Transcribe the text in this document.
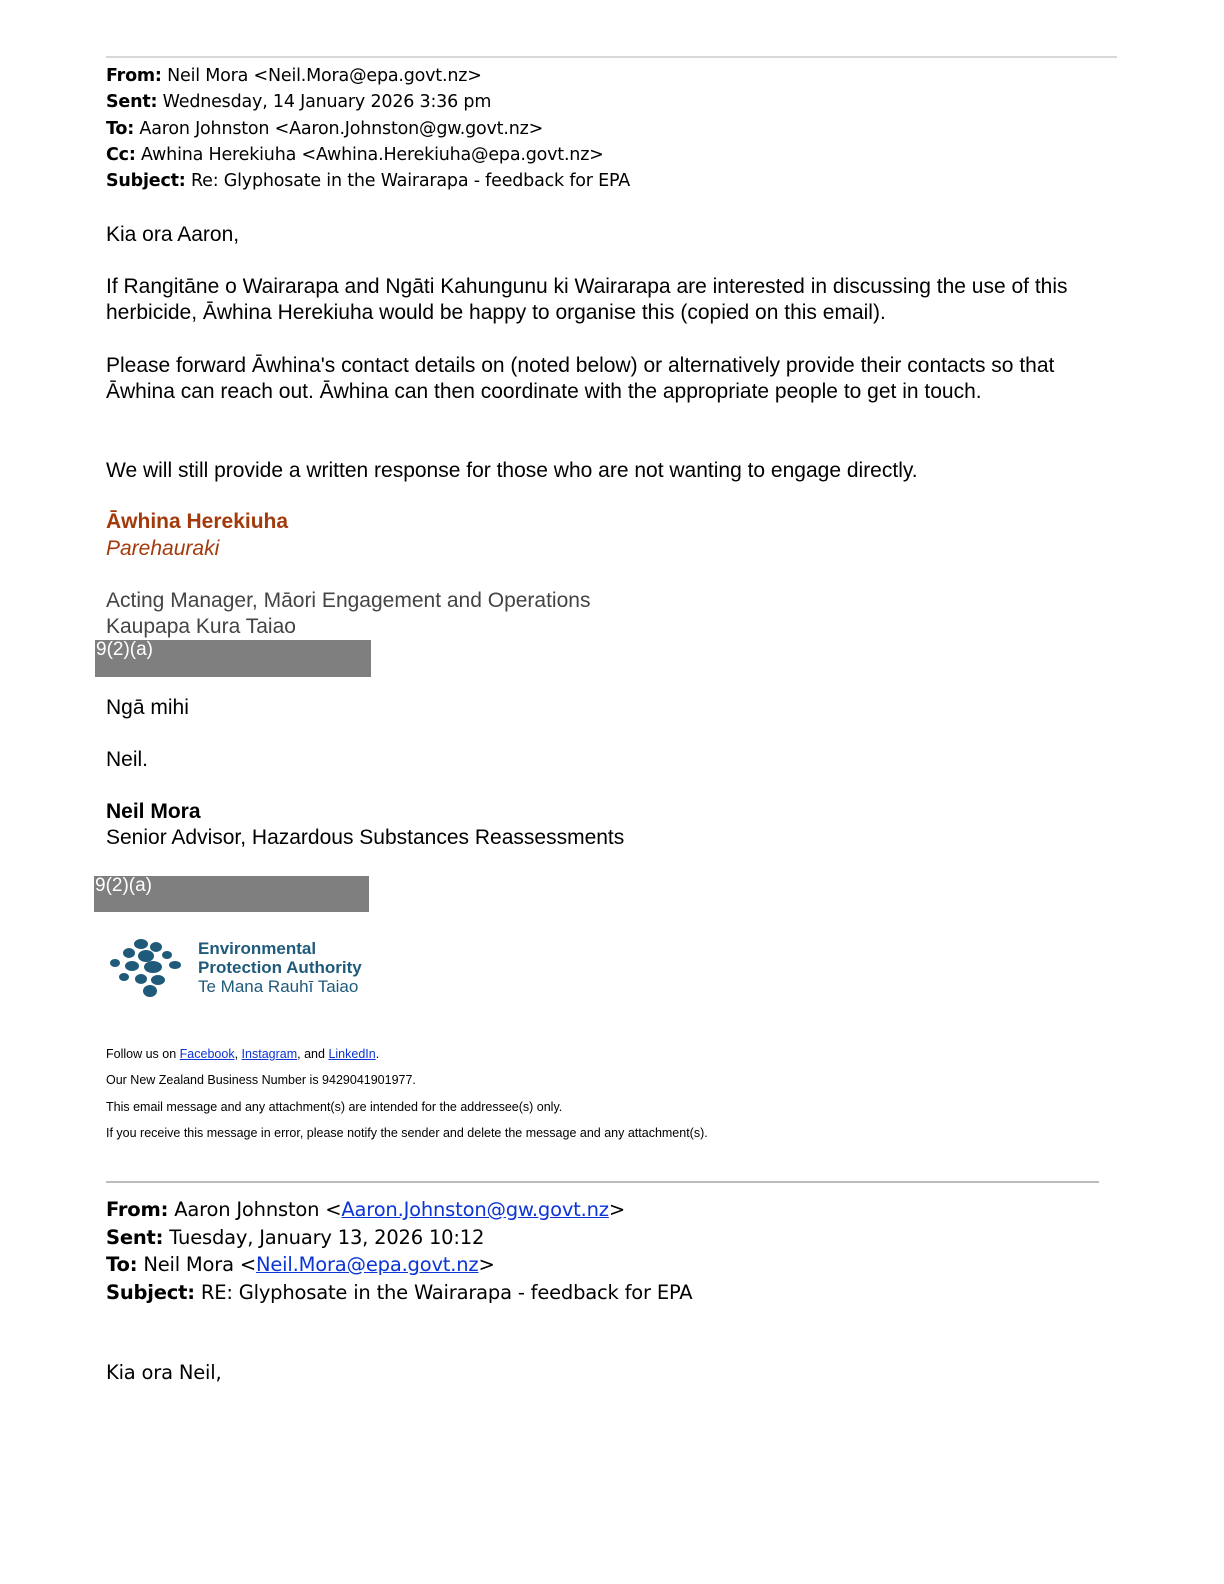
From: Neil Mora <Neil.Mora@epa.govt.nz>
Sent: Wednesday, 14 January 2026 3:36 pm
To: Aaron Johnston <Aaron.Johnston@gw.govt.nz>
Cc: Awhina Herekiuha <Awhina.Herekiuha@epa.govt.nz>
Subject: Re: Glyphosate in the Wairarapa - feedback for EPA
Kia ora Aaron,
If Rangitāne o Wairarapa and Ngāti Kahungunu ki Wairarapa are interested in discussing the use of this herbicide, Āwhina Herekiuha would be happy to organise this (copied on this email).
Please forward Āwhina's contact details on (noted below) or alternatively provide their contacts so that Āwhina can reach out. Āwhina can then coordinate with the appropriate people to get in touch.
We will still provide a written response for those who are not wanting to engage directly.
Āwhina Herekiuha
Parehauraki
Acting Manager, Māori Engagement and Operations
Kaupapa Kura Taiao
9(2)(a)
Ngā mihi
Neil.
Neil Mora
Senior Advisor, Hazardous Substances Reassessments
9(2)(a)
Environmental
Protection Authority
Te Mana Rauhī Taiao
Follow us on Facebook, Instagram, and LinkedIn.
Our New Zealand Business Number is 9429041901977.
This email message and any attachment(s) are intended for the addressee(s) only.
If you receive this message in error, please notify the sender and delete the message and any attachment(s).
From: Aaron Johnston <Aaron.Johnston@gw.govt.nz>
Sent: Tuesday, January 13, 2026 10:12
To: Neil Mora <Neil.Mora@epa.govt.nz>
Subject: RE: Glyphosate in the Wairarapa - feedback for EPA
Kia ora Neil,
